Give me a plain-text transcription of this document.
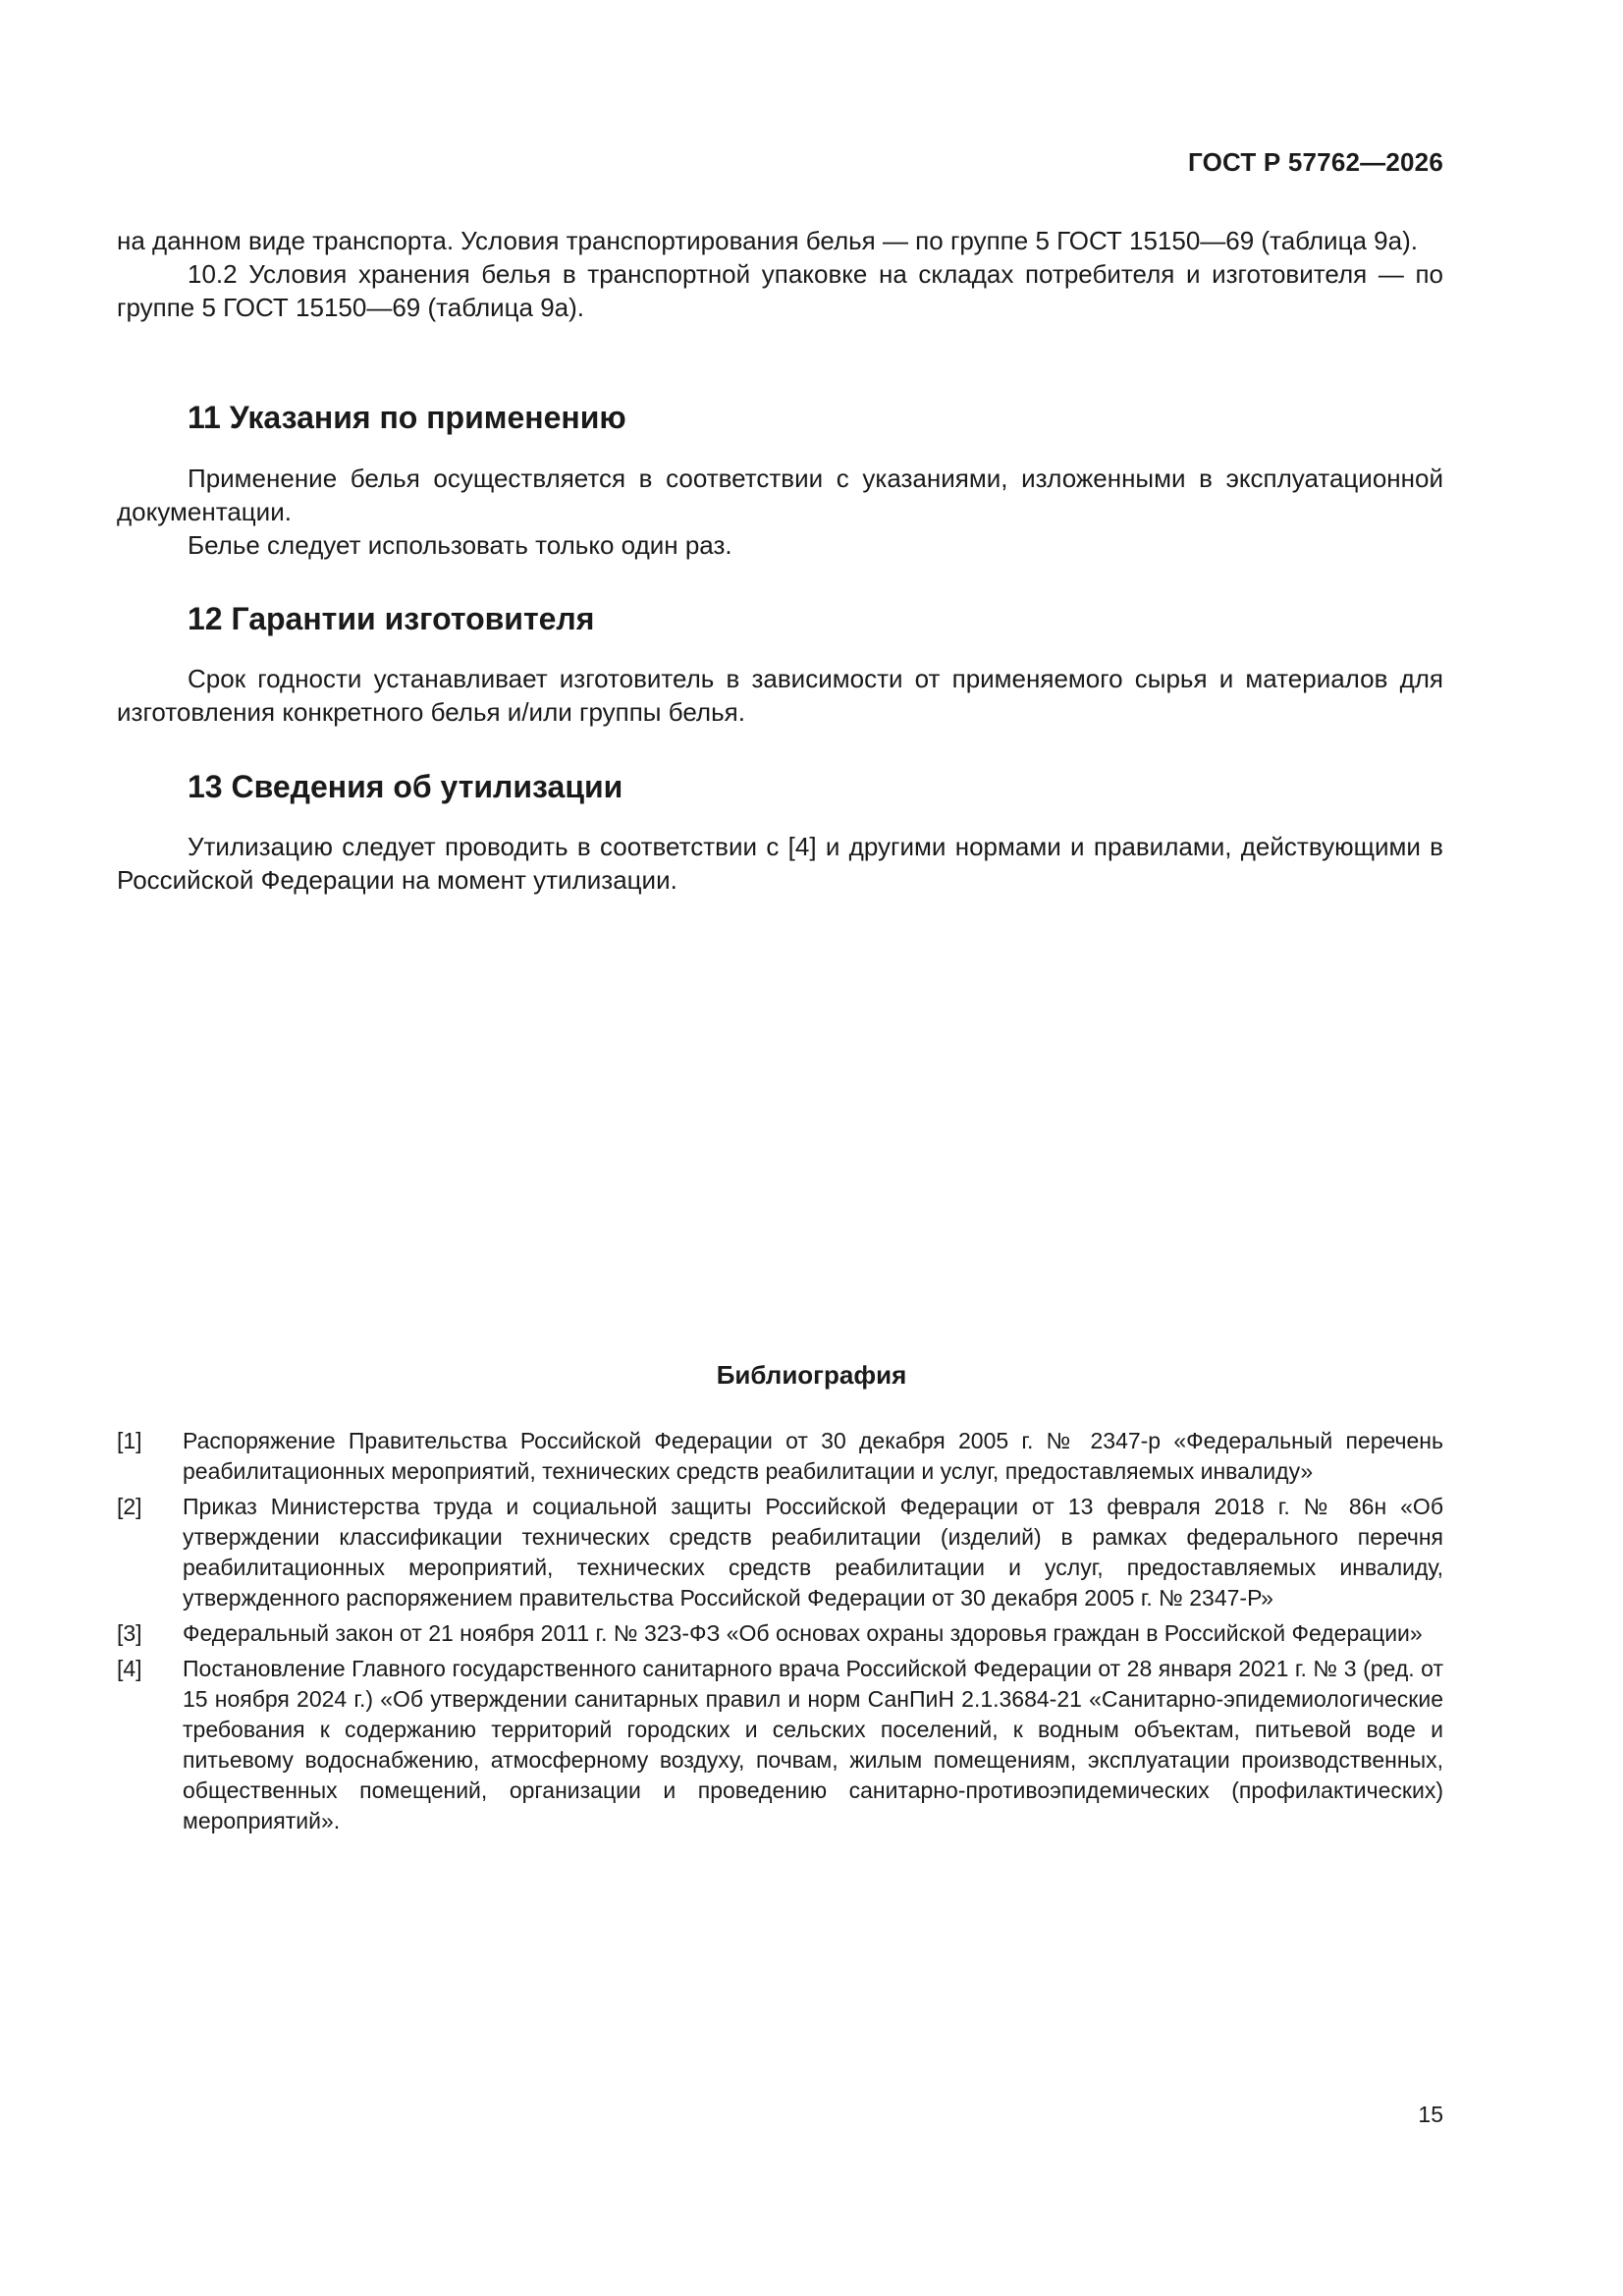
ГОСТ Р 57762—2026

на данном виде транспорта. Условия транспортирования белья — по группе 5 ГОСТ 15150—69 (таблица 9а).

10.2 Условия хранения белья в транспортной упаковке на складах потребителя и изготовителя — по группе 5 ГОСТ 15150—69 (таблица 9а).

11 Указания по применению

Применение белья осуществляется в соответствии с указаниями, изложенными в эксплуатационной документации.

Белье следует использовать только один раз.

12 Гарантии изготовителя

Срок годности устанавливает изготовитель в зависимости от применяемого сырья и материалов для изготовления конкретного белья и/или группы белья.

13 Сведения об утилизации

Утилизацию следует проводить в соответствии с [4] и другими нормами и правилами, действующими в Российской Федерации на момент утилизации.

Библиография
[1]	Распоряжение Правительства Российской Федерации от 30 декабря 2005 г. № 2347-р «Федеральный перечень реабилитационных мероприятий, технических средств реабилитации и услуг, предоставляемых инвалиду»
[2]	Приказ Министерства труда и социальной защиты Российской Федерации от 13 февраля 2018 г. № 86н «Об утверждении классификации технических средств реабилитации (изделий) в рамках федерального перечня реабилитационных мероприятий, технических средств реабилитации и услуг, предоставляемых инвалиду, утвержденного распоряжением правительства Российской Федерации от 30 декабря 2005 г. № 2347-Р»
[3]	Федеральный закон от 21 ноября 2011 г. № 323-ФЗ «Об основах охраны здоровья граждан в Российской Федерации»
[4]	Постановление Главного государственного санитарного врача Российской Федерации от 28 января 2021 г. № 3 (ред. от 15 ноября 2024 г.) «Об утверждении санитарных правил и норм СанПиН 2.1.3684-21 «Санитарно-эпидемиологические требования к содержанию территорий городских и сельских поселений, к водным объектам, питьевой воде и питьевому водоснабжению, атмосферному воздуху, почвам, жилым помещениям, эксплуатации производственных, общественных помещений, организации и проведению санитарно-противоэпидемических (профилактических) мероприятий».
15
